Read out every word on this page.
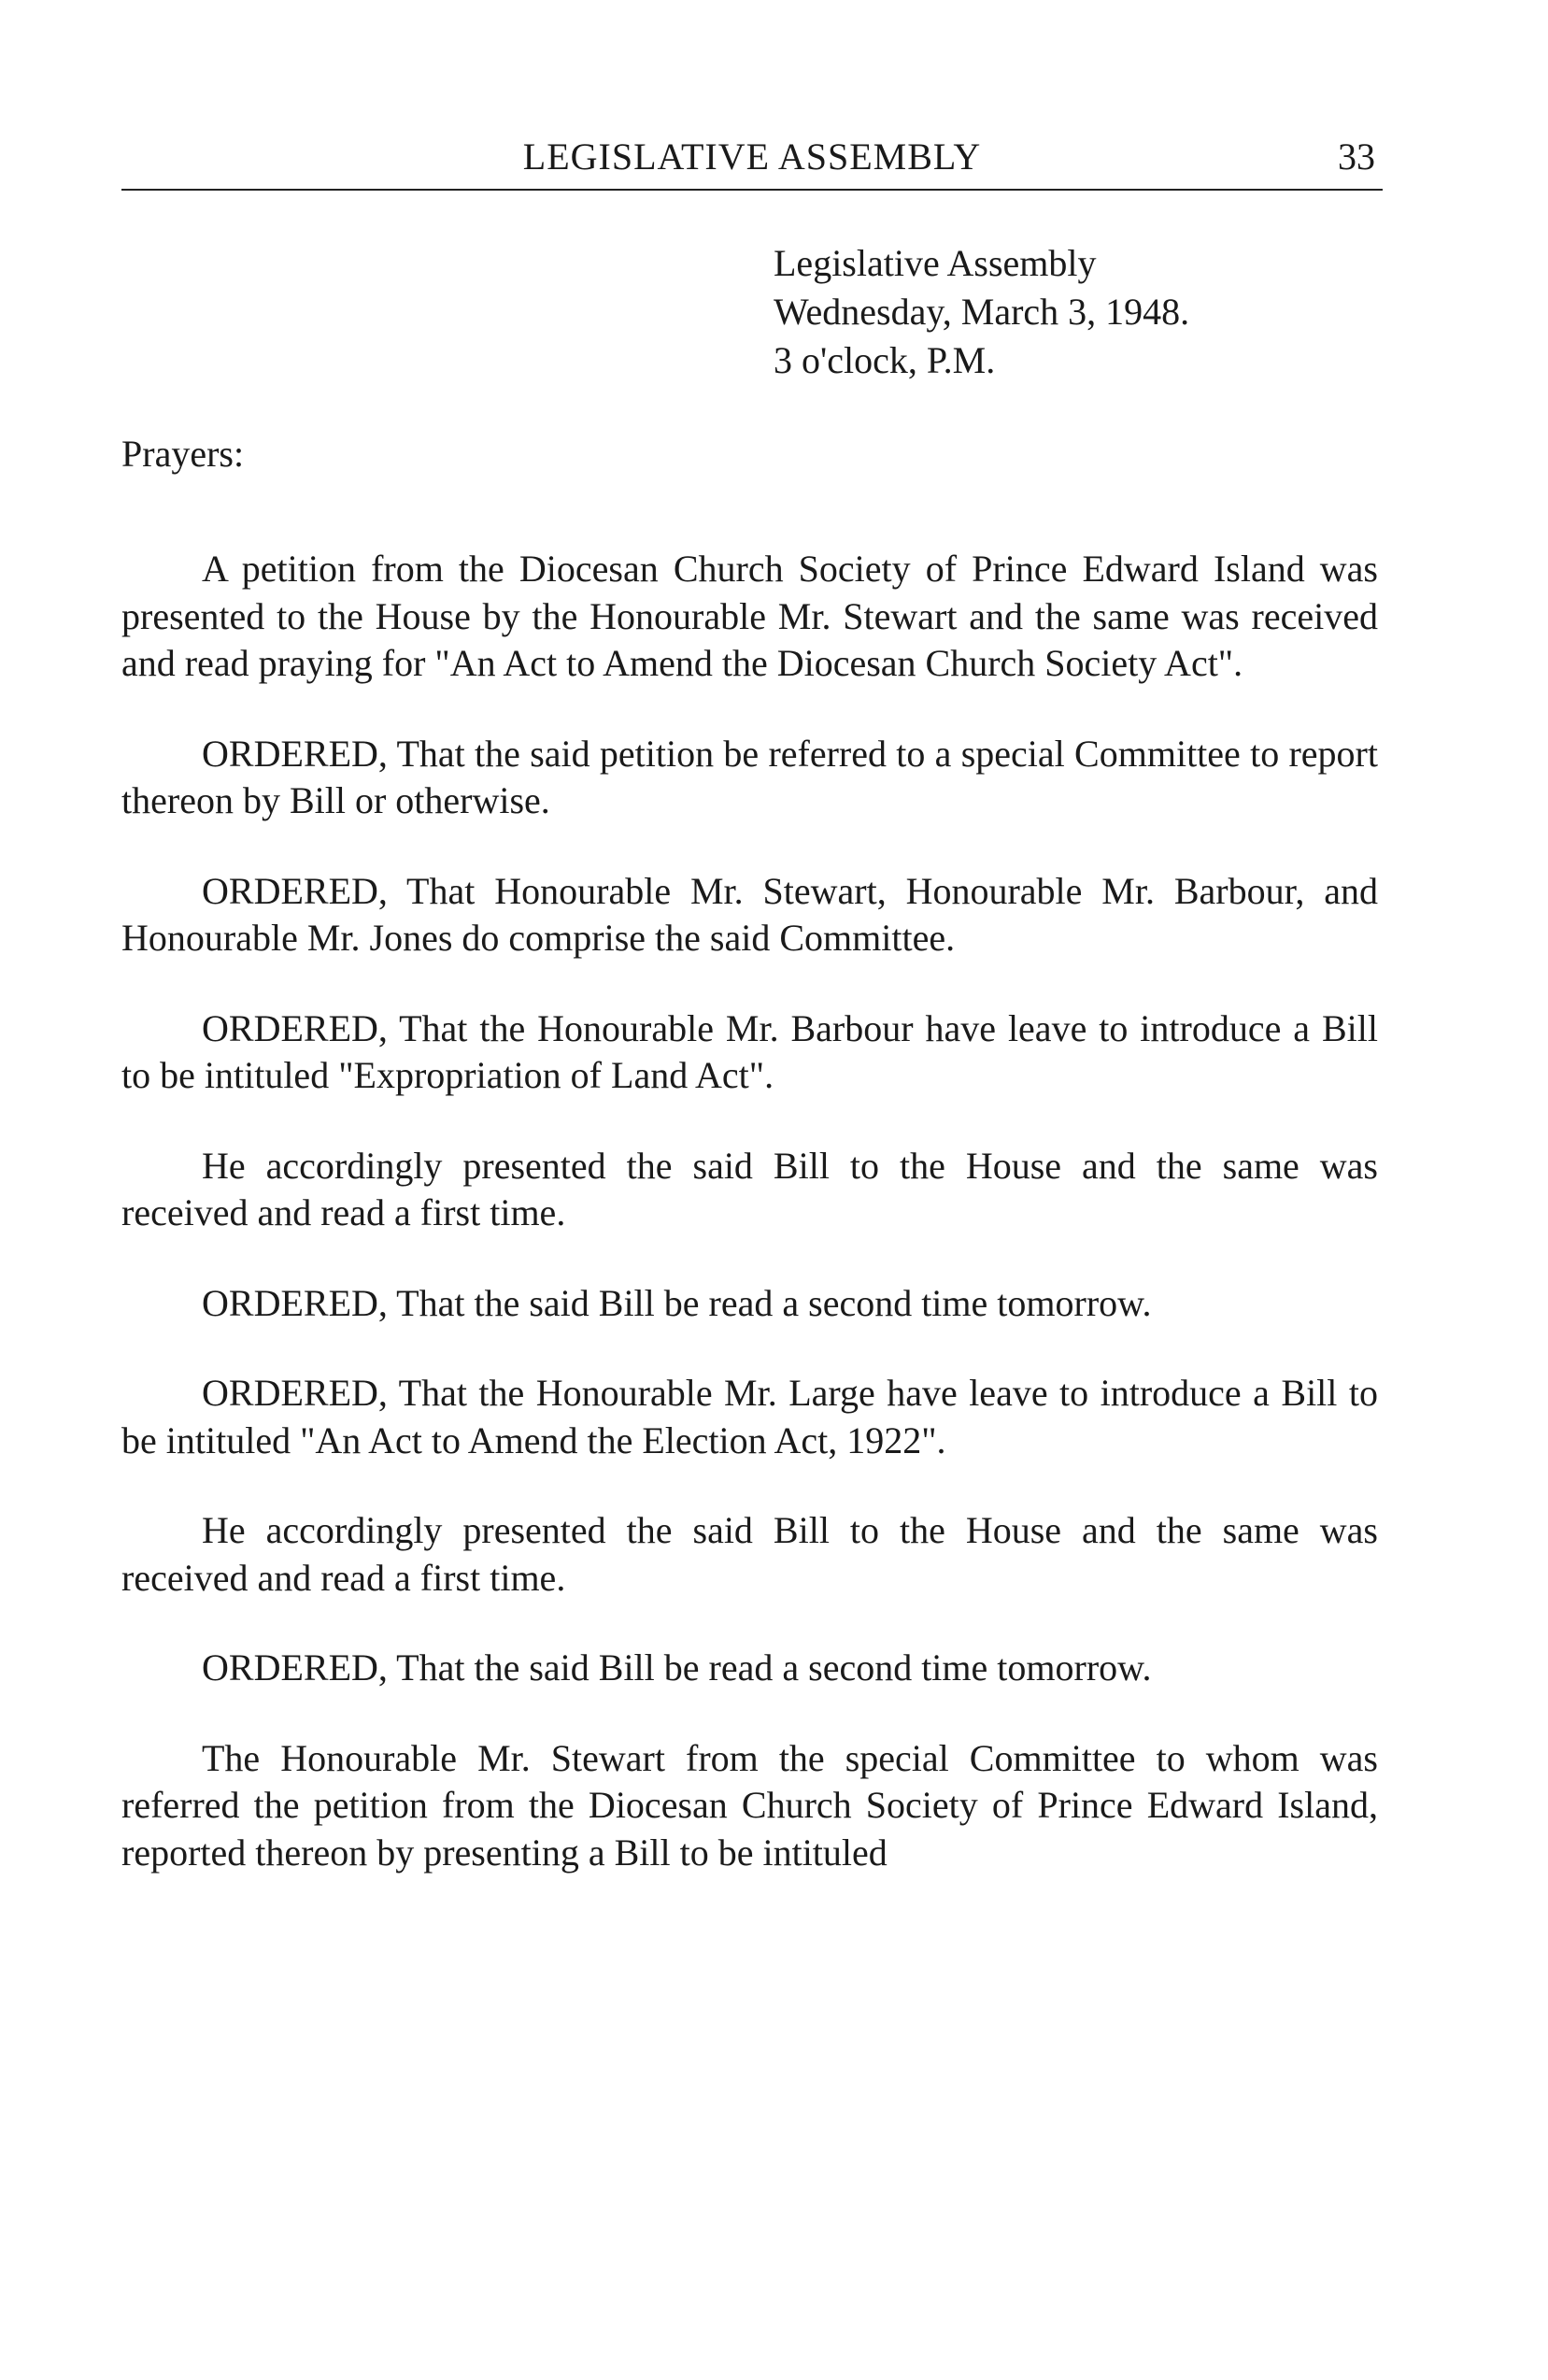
LEGISLATIVE ASSEMBLY	33
Legislative Assembly
Wednesday, March 3, 1948.
3 o'clock, P.M.
Prayers:

A petition from the Diocesan Church Society of Prince Edward Island was presented to the House by the Honourable Mr. Stewart and the same was received and read praying for "An Act to Amend the Diocesan Church Society Act".

ORDERED, That the said petition be referred to a special Committee to report thereon by Bill or otherwise.

ORDERED, That Honourable Mr. Stewart, Honourable Mr. Barbour, and Honourable Mr. Jones do comprise the said Committee.

ORDERED, That the Honourable Mr. Barbour have leave to introduce a Bill to be intituled "Expropriation of Land Act".

He accordingly presented the said Bill to the House and the same was received and read a first time.

ORDERED, That the said Bill be read a second time tomorrow.

ORDERED, That the Honourable Mr. Large have leave to introduce a Bill to be intituled "An Act to Amend the Election Act, 1922".

He accordingly presented the said Bill to the House and the same was received and read a first time.

ORDERED, That the said Bill be read a second time tomorrow.

The Honourable Mr. Stewart from the special Committee to whom was referred the petition from the Diocesan Church Society of Prince Edward Island, reported thereon by presenting a Bill to be intituled
